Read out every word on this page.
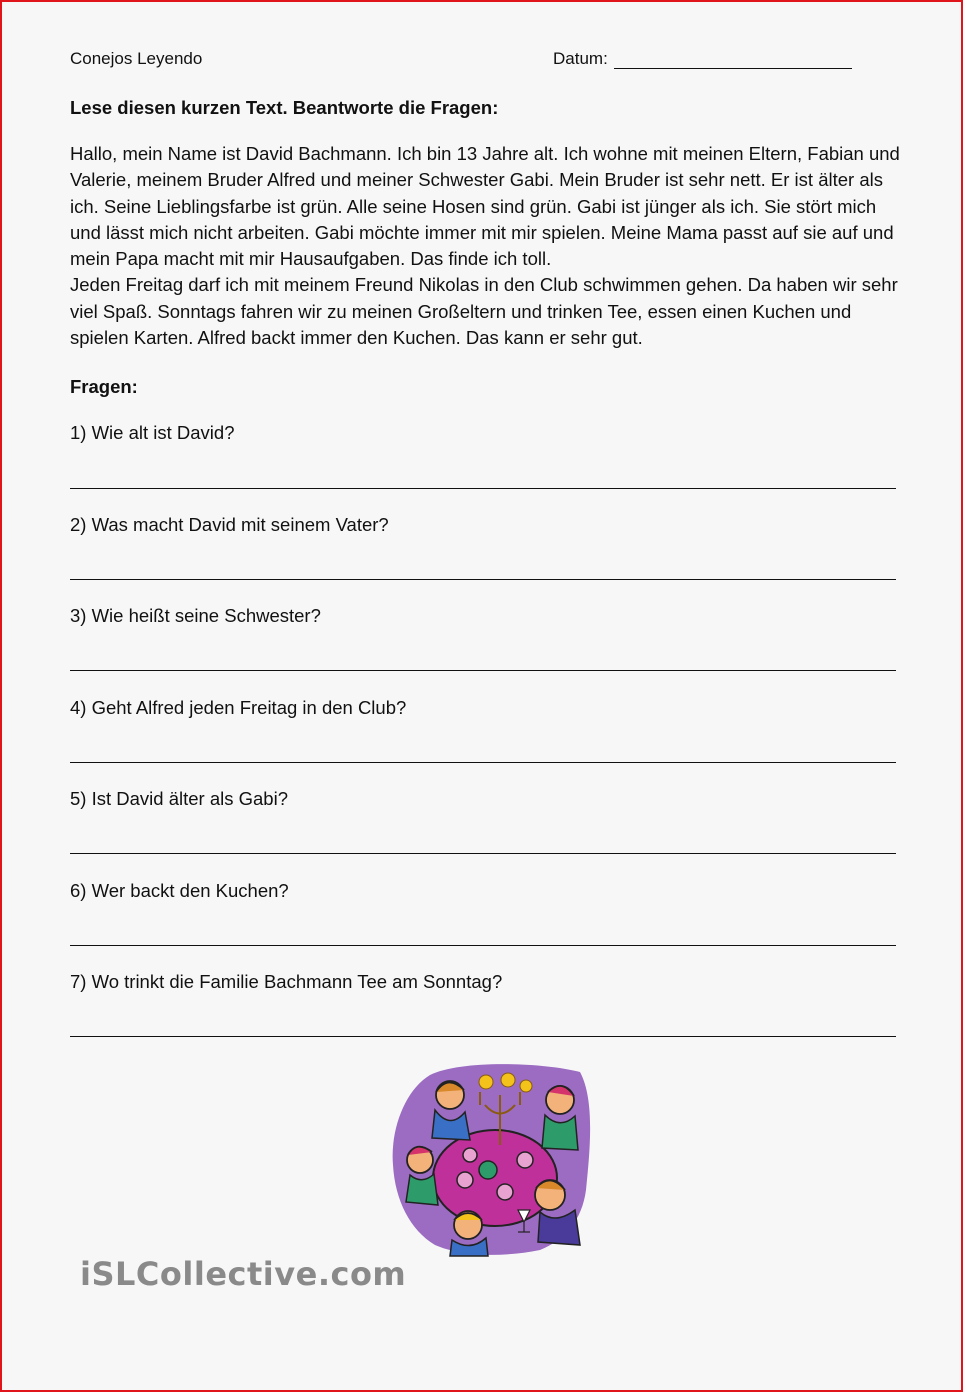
Conejos Leyendo	Datum:
Lese diesen kurzen Text. Beantworte die Fragen:

Hallo, mein Name ist David Bachmann. Ich bin 13 Jahre alt. Ich wohne mit meinen Eltern, Fabian und Valerie, meinem Bruder Alfred und meiner Schwester Gabi. Mein Bruder ist sehr nett. Er ist älter als ich. Seine Lieblingsfarbe ist grün. Alle seine Hosen sind grün. Gabi ist jünger als ich. Sie stört mich und lässt mich nicht arbeiten. Gabi möchte immer mit mir spielen. Meine Mama passt auf sie auf und mein Papa macht mit mir Hausaufgaben. Das finde ich toll.

Jeden Freitag darf ich mit meinem Freund Nikolas in den Club schwimmen gehen. Da haben wir sehr viel Spaß. Sonntags fahren wir zu meinen Großeltern und trinken Tee, essen einen Kuchen und spielen Karten. Alfred backt immer den Kuchen. Das kann er sehr gut.

Fragen:
1) Wie alt ist David?
2) Was macht David mit seinem Vater?
3) Wie heißt seine Schwester?
4) Geht Alfred jeden Freitag in den Club?
5) Ist David älter als Gabi?
6) Wer backt den Kuchen?
7) Wo trinkt die Familie Bachmann Tee am Sonntag?
iSLCollective.com
